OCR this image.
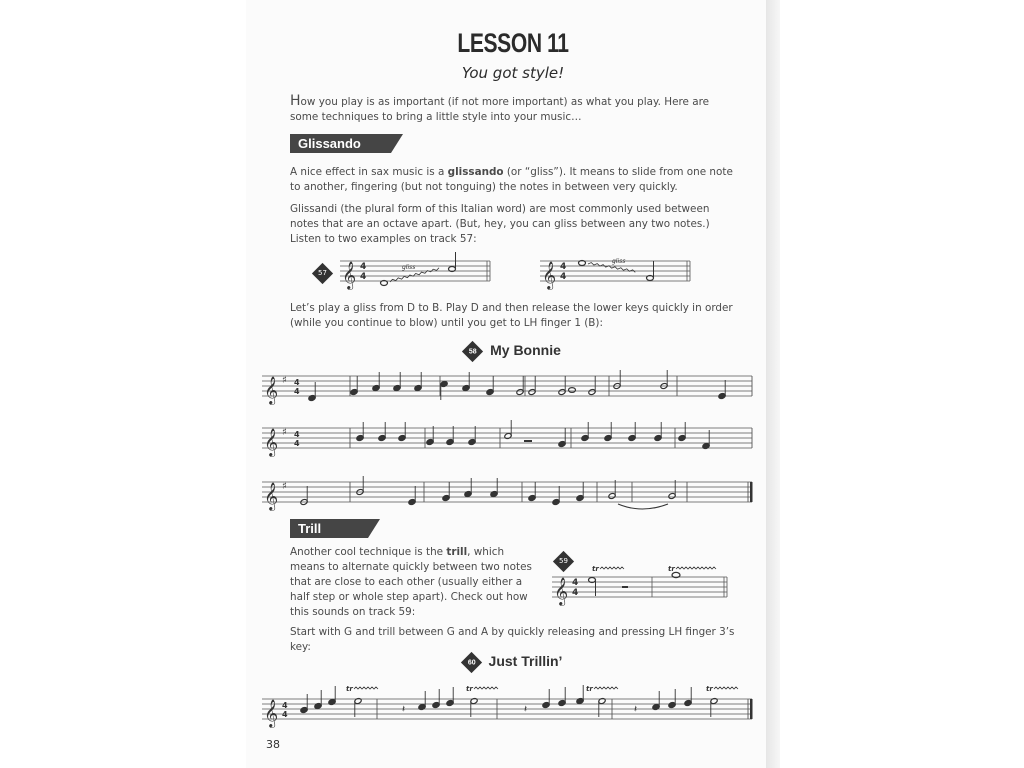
LESSON 11
You got style!
How you play is as important (if not more important) as what you play. Here are some techniques to bring a little style into your music…
Glissando
A nice effect in sax music is a glissando (or “gliss”). It means to slide from one note to another, fingering (but not tonguing) the notes in between very quickly.
Glissandi (the plural form of this Italian word) are most commonly used between notes that are an octave apart. (But, hey, you can gliss between any two notes.) Listen to two examples on track 57:
57 𝄞 4
4
gliss	𝄞 4
4
gliss
Let’s play a gliss from D to B. Play D and then release the lower keys quickly in order (while you continue to blow) until you get to LH finger 1 (B):
58 My Bonnie
𝄞 ♯ 4
4
𝄞 ♯ 4
4
𝄞 ♯
Trill
Another cool technique is the trill, which means to alternate quickly between two notes that are close to each other (usually either a half step or whole step apart). Check out how this sounds on track 59:
59
𝄞 4
4
tr	tr
Start with G and trill between G and A by quickly releasing and pressing LH finger 3’s key:
60 Just Trillin’
𝄞 4
4
tr	tr	tr	tr
𝄽	𝄽	𝄽
38
